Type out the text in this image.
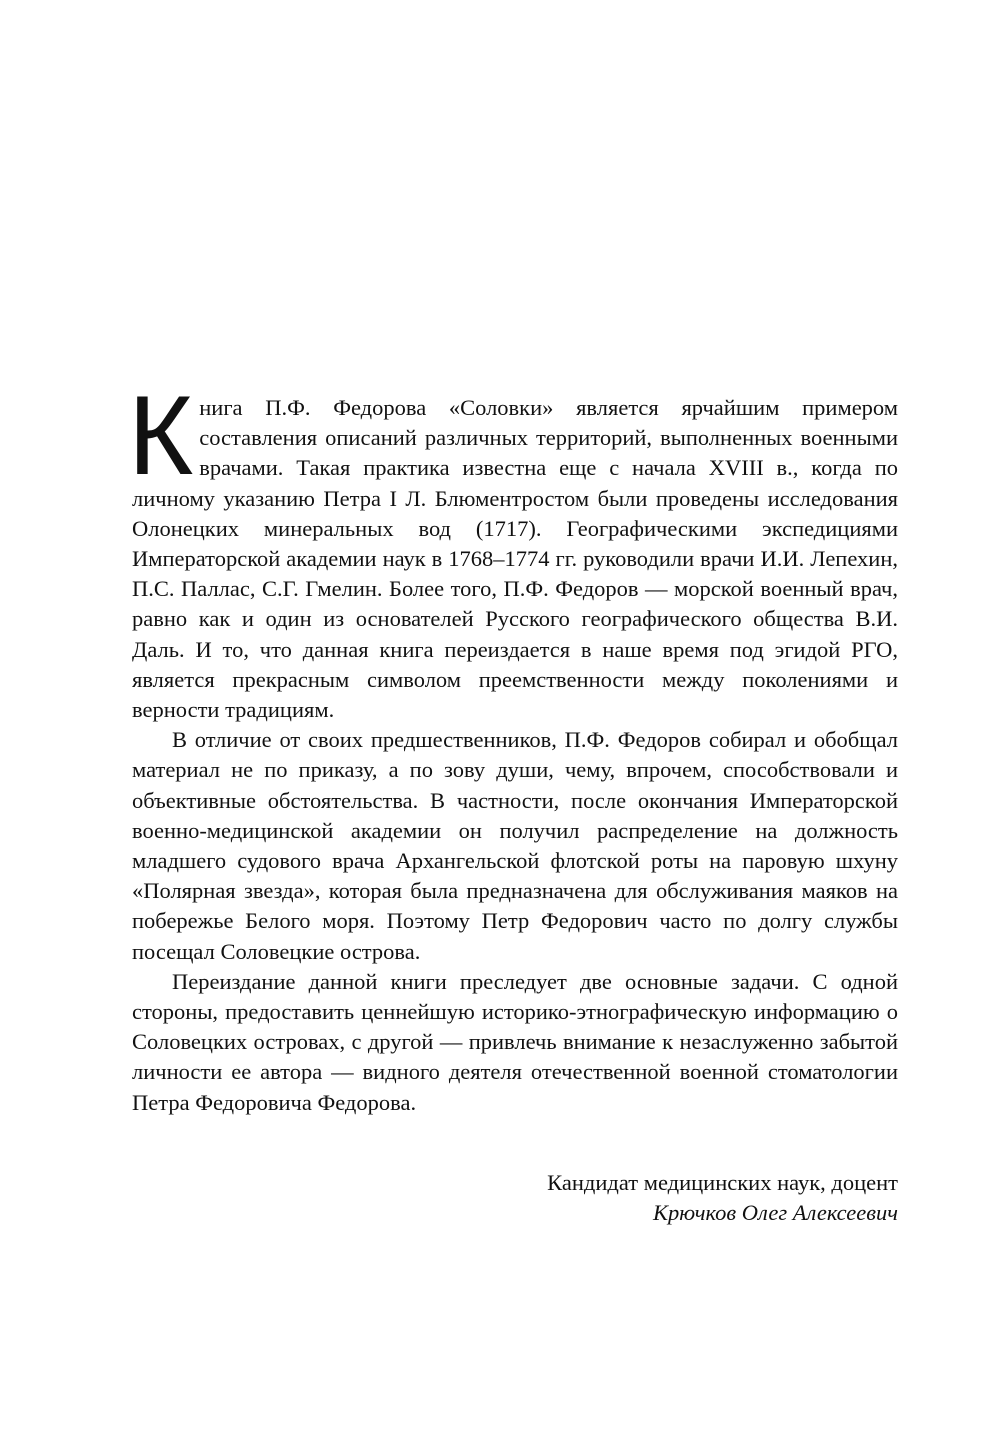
К нига П.Ф. Федорова «Соловки» является ярчайшим примером составления описаний различных территорий, выполненных военными врачами. Такая практика известна еще с начала XVIII в., когда по личному указанию Петра I Л. Блюментростом были проведены исследования Олонецких минеральных вод (1717). Географическими экспедициями Императорской академии наук в 1768–1774 гг. руководили врачи И.И. Лепехин, П.С. Паллас, С.Г. Гмелин. Более того, П.Ф. Федоров — морской военный врач, равно как и один из основателей Русского географического общества В.И. Даль. И то, что данная книга переиздается в наше время под эгидой РГО, является прекрасным символом преемственности между поколениями и верности традициям.

В отличие от своих предшественников, П.Ф. Федоров собирал и обобщал материал не по приказу, а по зову души, чему, впрочем, способствовали и объективные обстоятельства. В частности, после окончания Императорской военно-медицинской академии он получил распределение на должность младшего судового врача Архангельской флотской роты на паровую шхуну «Полярная звезда», которая была предназначена для обслуживания маяков на побережье Белого моря. Поэтому Петр Федорович часто по долгу службы посещал Соловецкие острова.

Переиздание данной книги преследует две основные задачи. С одной стороны, предоставить ценнейшую историко-этнографическую информацию о Соловецких островах, с другой — привлечь внимание к незаслуженно забытой личности ее автора — видного деятеля отечественной военной стоматологии Петра Федоровича Федорова.

Кандидат медицинских наук, доцент
Крючков Олег Алексеевич
